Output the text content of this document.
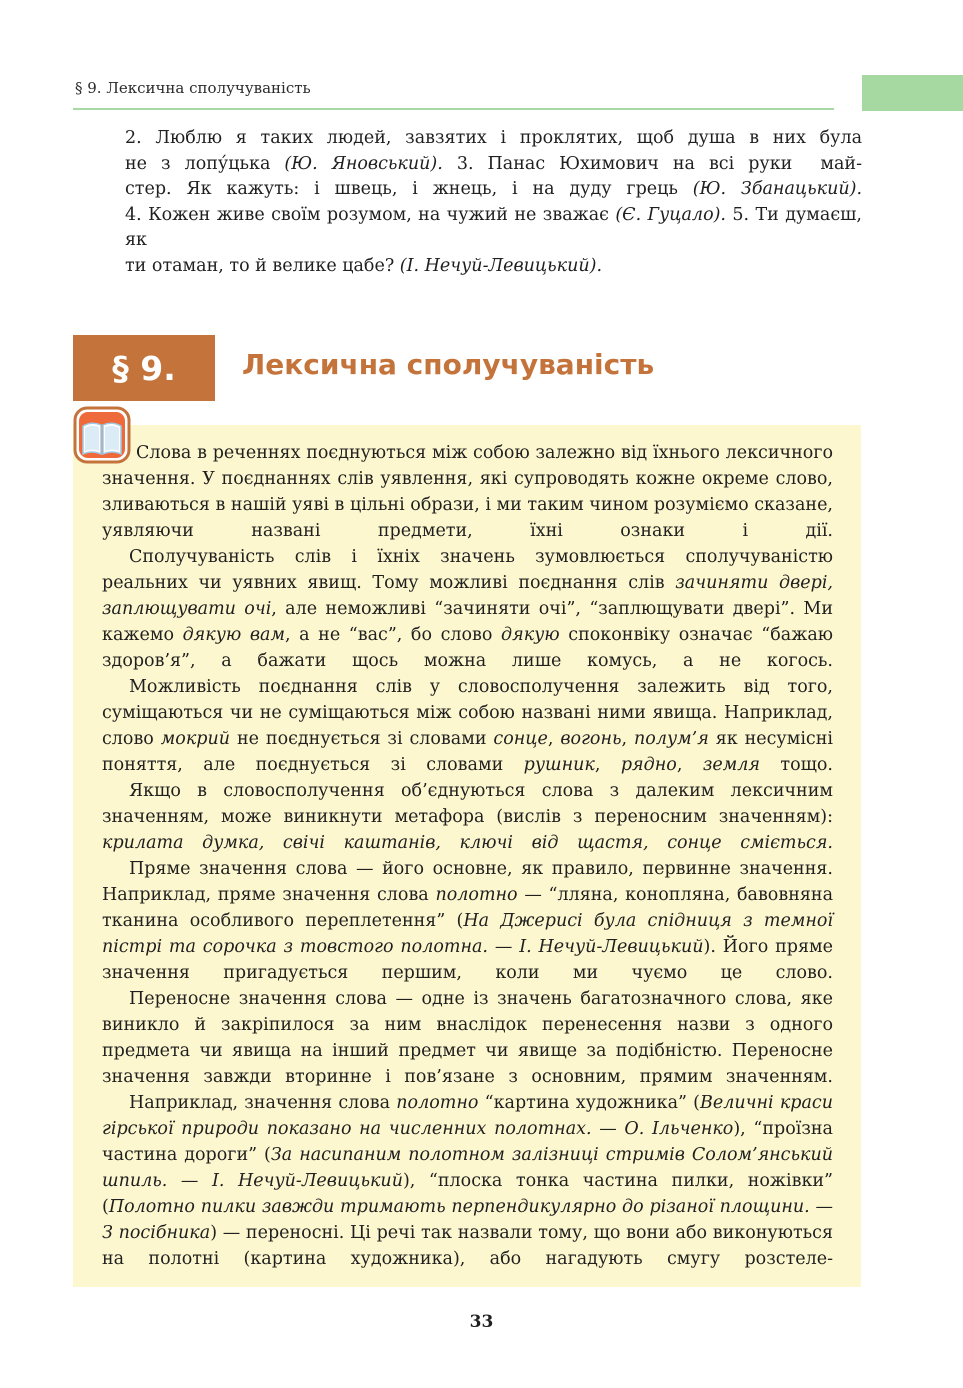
§ 9. Лексична сполучуваність

2. Люблю я таких людей, завзятих і проклятих, щоб душа в них була

не з лопу́цька (Ю. Яновський). 3. Панас Юхимович на всі руки  май-

стер. Як кажуть: і швець, і жнець, і на дуду грець (Ю. Збанацький).

4. Кожен живе своїм розумом, на чужий не зважає (Є. Гуцало). 5. Ти думаєш, як

ти отаман, то й велике цабе? (І. Нечуй-Левицький).

§ 9. Лексична сполучуваність

Слова в реченнях поєднуються між собою залежно від їхнього лексичного значення. У поєднаннях слів уявлення, які супроводять кожне окреме слово, зливаються в нашій уяві в цільні образи, і ми таким чином розуміємо сказане, уявляючи названі предмети, їхні ознаки і дії.

Сполучуваність слів і їхніх значень зумовлюється сполучуваністю реальних чи уявних явищ. Тому можливі поєднання слів зачиняти двері, заплющувати очі, але неможливі “зачиняти очі”, “заплющувати двері”. Ми кажемо дякую вам, а не “вас”, бо слово дякую споконвіку означає “бажаю здоров’я”, а бажати щось можна лише комусь, а не когось.

Можливість поєднання слів у словосполучення залежить від того, суміщаються чи не суміщаються між собою названі ними явища. Наприклад, слово мокрий не поєднується зі словами сонце, вогонь, полум’я як несумісні поняття, але поєднується зі словами рушник, рядно, земля тощо.

Якщо в словосполучення об’єднуються слова з далеким лексичним значенням, може виникнути метафора (вислів з переносним значенням): крилата думка, свічі каштанів, ключі від щастя, сонце сміється.

Пряме значення слова — його основне, як правило, первинне значення. Наприклад, пряме значення слова полотно — “лляна, конопляна, бавовняна тканина особливого переплетення” (На Джерисі була спідниця з темної пістрі та сорочка з товстого полотна. — І. Нечуй-Левицький). Його пряме значення пригадується першим, коли ми чуємо це слово.

Переносне значення слова — одне із значень багатозначного слова, яке виникло й закріпилося за ним внаслідок перенесення назви з одного предмета чи явища на інший предмет чи явище за подібністю. Переносне значення завжди вторинне і пов’язане з основним, прямим значенням.

Наприклад, значення слова полотно “картина художника” (Величні краси гірської природи показано на численних полотнах. — О. Ільченко), “проїзна частина дороги” (За насипаним полотном залізниці стримів Солом’янський шпиль. — І. Нечуй-Левицький), “плоска тонка частина пилки, ножівки” (Полотно пилки завжди тримають перпендикулярно до різаної площини. — З посібника) — переносні. Ці речі так назвали тому, що вони або виконуються на полотні (картина художника), або нагадують смугу розстеле-

33
